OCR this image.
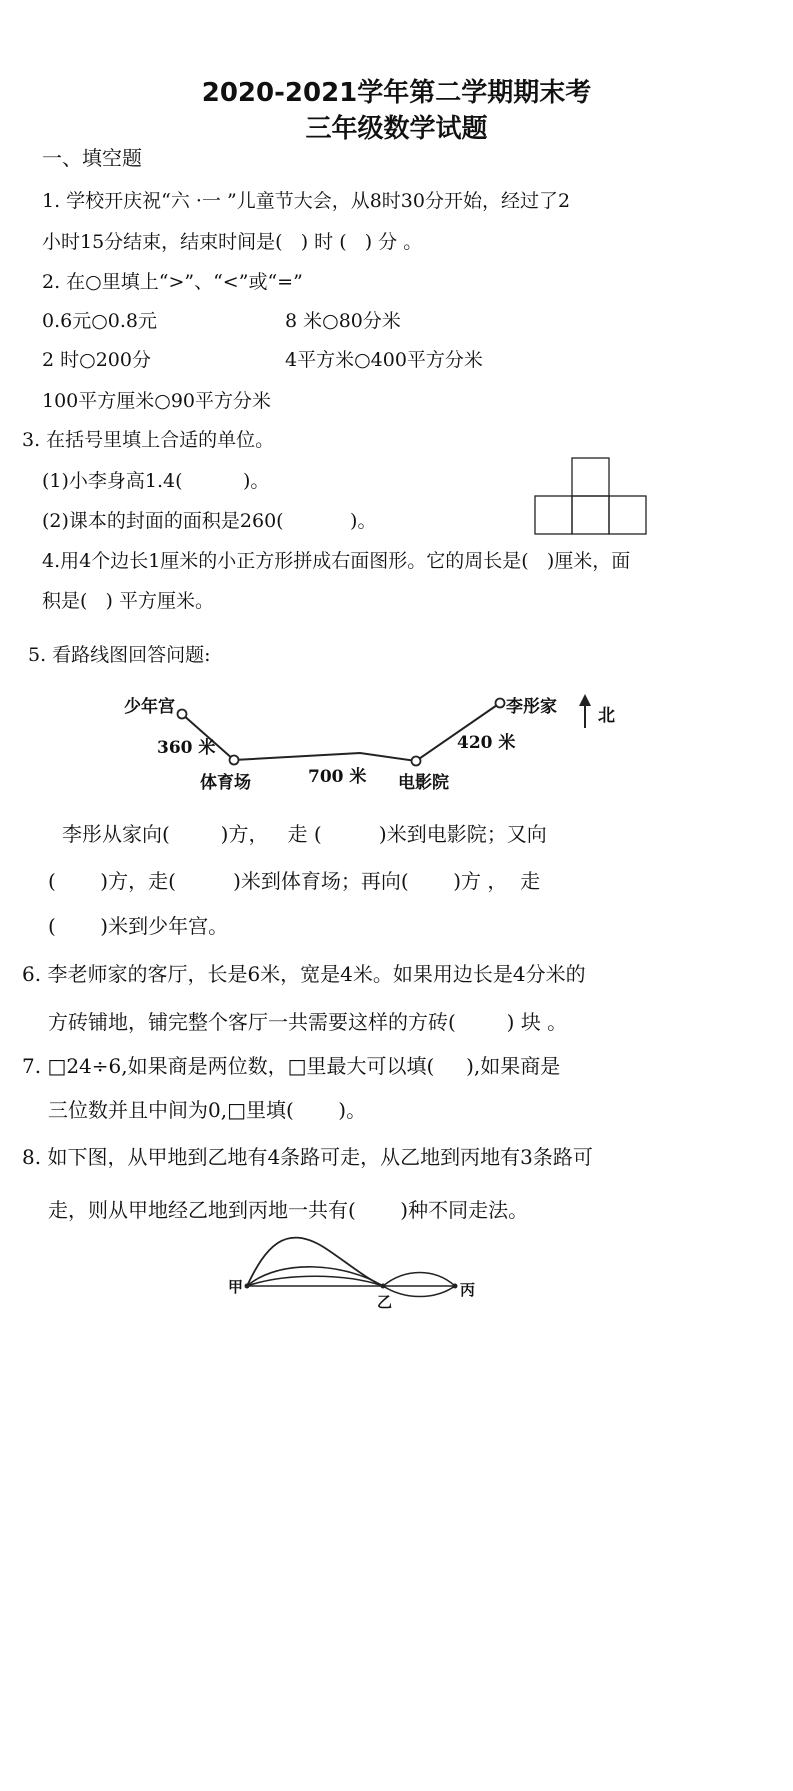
2020-2021学年第二学期期末考
三年级数学试题
一、填空题
1. 学校开庆祝“六 ·一 ”儿童节大会，从8时30分开始，经过了2
小时15分结束，结束时间是(   ) 时 (   ) 分 。
2. 在○里填上“>”、“<”或“=”
0.6元○0.8元	8 米○80分米
2 时○200分	4平方米○400平方分米
100平方厘米○90平方分米
3. 在括号里填上合适的单位。
(1)小李身高1.4(          )。
(2)课本的封面的面积是260(           )。
4.用4个边长1厘米的小正方形拼成右面图形。它的周长是(   )厘米，面
积是(   ) 平方厘米。
5. 看路线图回答问题:
少年宫	李彤家 北
360 米	420 米
700 米
体育场	电影院
李彤从家向(        )方，   走 (         )米到电影院；又向
(       )方，走(         )米到体育场；再向(       )方 ，  走
(       )米到少年宫。
6. 李老师家的客厅，长是6米，宽是4米。如果用边长是4分米的
方砖铺地，铺完整个客厅一共需要这样的方砖(        ) 块 。
7. □24÷6,如果商是两位数，□里最大可以填(     ),如果商是
三位数并且中间为0,□里填(       )。
8. 如下图，从甲地到乙地有4条路可走，从乙地到丙地有3条路可
走，则从甲地经乙地到丙地一共有(       )种不同走法。
甲
乙
丙
